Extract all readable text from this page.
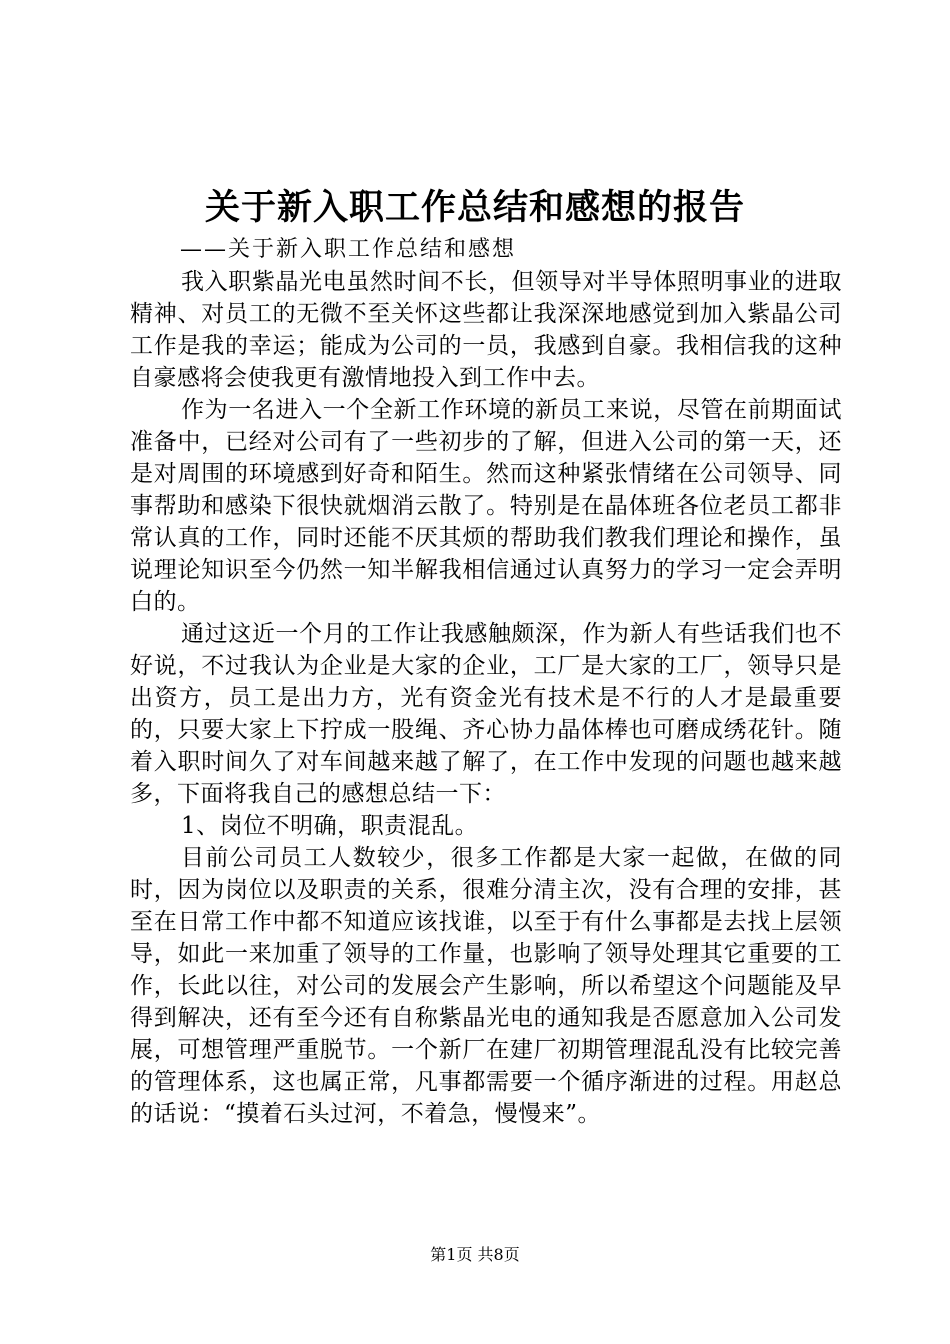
关于新入职工作总结和感想的报告
——关于新入职工作总结和感想

我入职紫晶光电虽然时间不长，但领导对半导体照明事业的进取精神、对员工的无微不至关怀这些都让我深深地感觉到加入紫晶公司工作是我的幸运；能成为公司的一员，我感到自豪。我相信我的这种自豪感将会使我更有激情地投入到工作中去。

作为一名进入一个全新工作环境的新员工来说，尽管在前期面试准备中，已经对公司有了一些初步的了解，但进入公司的第一天，还是对周围的环境感到好奇和陌生。然而这种紧张情绪在公司领导、同事帮助和感染下很快就烟消云散了。特别是在晶体班各位老员工都非常认真的工作，同时还能不厌其烦的帮助我们教我们理论和操作，虽说理论知识至今仍然一知半解我相信通过认真努力的学习一定会弄明白的。

通过这近一个月的工作让我感触颇深，作为新人有些话我们也不好说，不过我认为企业是大家的企业，工厂是大家的工厂，领导只是出资方，员工是出力方，光有资金光有技术是不行的人才是最重要的，只要大家上下拧成一股绳、齐心协力晶体棒也可磨成绣花针。随着入职时间久了对车间越来越了解了，在工作中发现的问题也越来越多，下面将我自己的感想总结一下：

1、岗位不明确，职责混乱。

目前公司员工人数较少，很多工作都是大家一起做，在做的同时，因为岗位以及职责的关系，很难分清主次，没有合理的安排，甚至在日常工作中都不知道应该找谁，以至于有什么事都是去找上层领导，如此一来加重了领导的工作量，也影响了领导处理其它重要的工作，长此以往，对公司的发展会产生影响，所以希望这个问题能及早得到解决，还有至今还有自称紫晶光电的通知我是否愿意加入公司发展，可想管理严重脱节。一个新厂在建厂初期管理混乱没有比较完善的管理体系，这也属正常，凡事都需要一个循序渐进的过程。用赵总的话说：“摸着石头过河，不着急，慢慢来”。

第1页 共8页
